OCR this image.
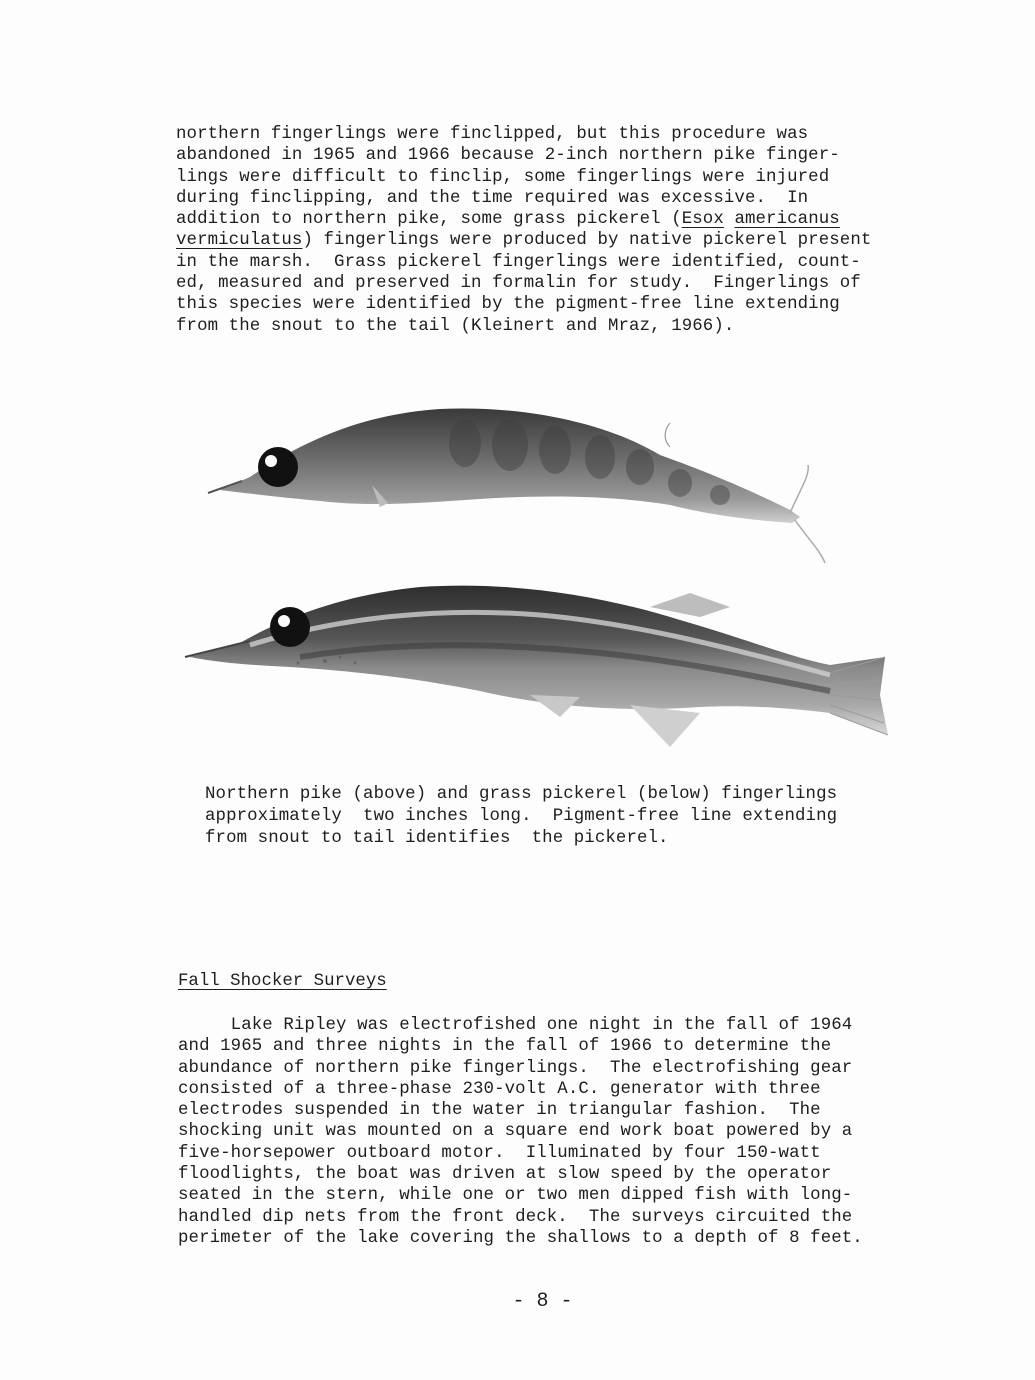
northern fingerlings were finclipped, but this procedure was
abandoned in 1965 and 1966 because 2-inch northern pike finger-
lings were difficult to finclip, some fingerlings were injured
during finclipping, and the time required was excessive.  In
addition to northern pike, some grass pickerel (Esox americanus
vermiculatus) fingerlings were produced by native pickerel present
in the marsh.  Grass pickerel fingerlings were identified, count-
ed, measured and preserved in formalin for study.  Fingerlings of
this species were identified by the pigment-free line extending
from the snout to the tail (Kleinert and Mraz, 1966).
Northern pike (above) and grass pickerel (below) fingerlings
approximately  two inches long.  Pigment-free line extending
from snout to tail identifies  the pickerel.
Fall Shocker Surveys
Lake Ripley was electrofished one night in the fall of 1964
and 1965 and three nights in the fall of 1966 to determine the
abundance of northern pike fingerlings.  The electrofishing gear
consisted of a three-phase 230-volt A.C. generator with three
electrodes suspended in the water in triangular fashion.  The
shocking unit was mounted on a square end work boat powered by a
five-horsepower outboard motor.  Illuminated by four 150-watt
floodlights, the boat was driven at slow speed by the operator
seated in the stern, while one or two men dipped fish with long-
handled dip nets from the front deck.  The surveys circuited the
perimeter of the lake covering the shallows to a depth of 8 feet.
- 8 -
